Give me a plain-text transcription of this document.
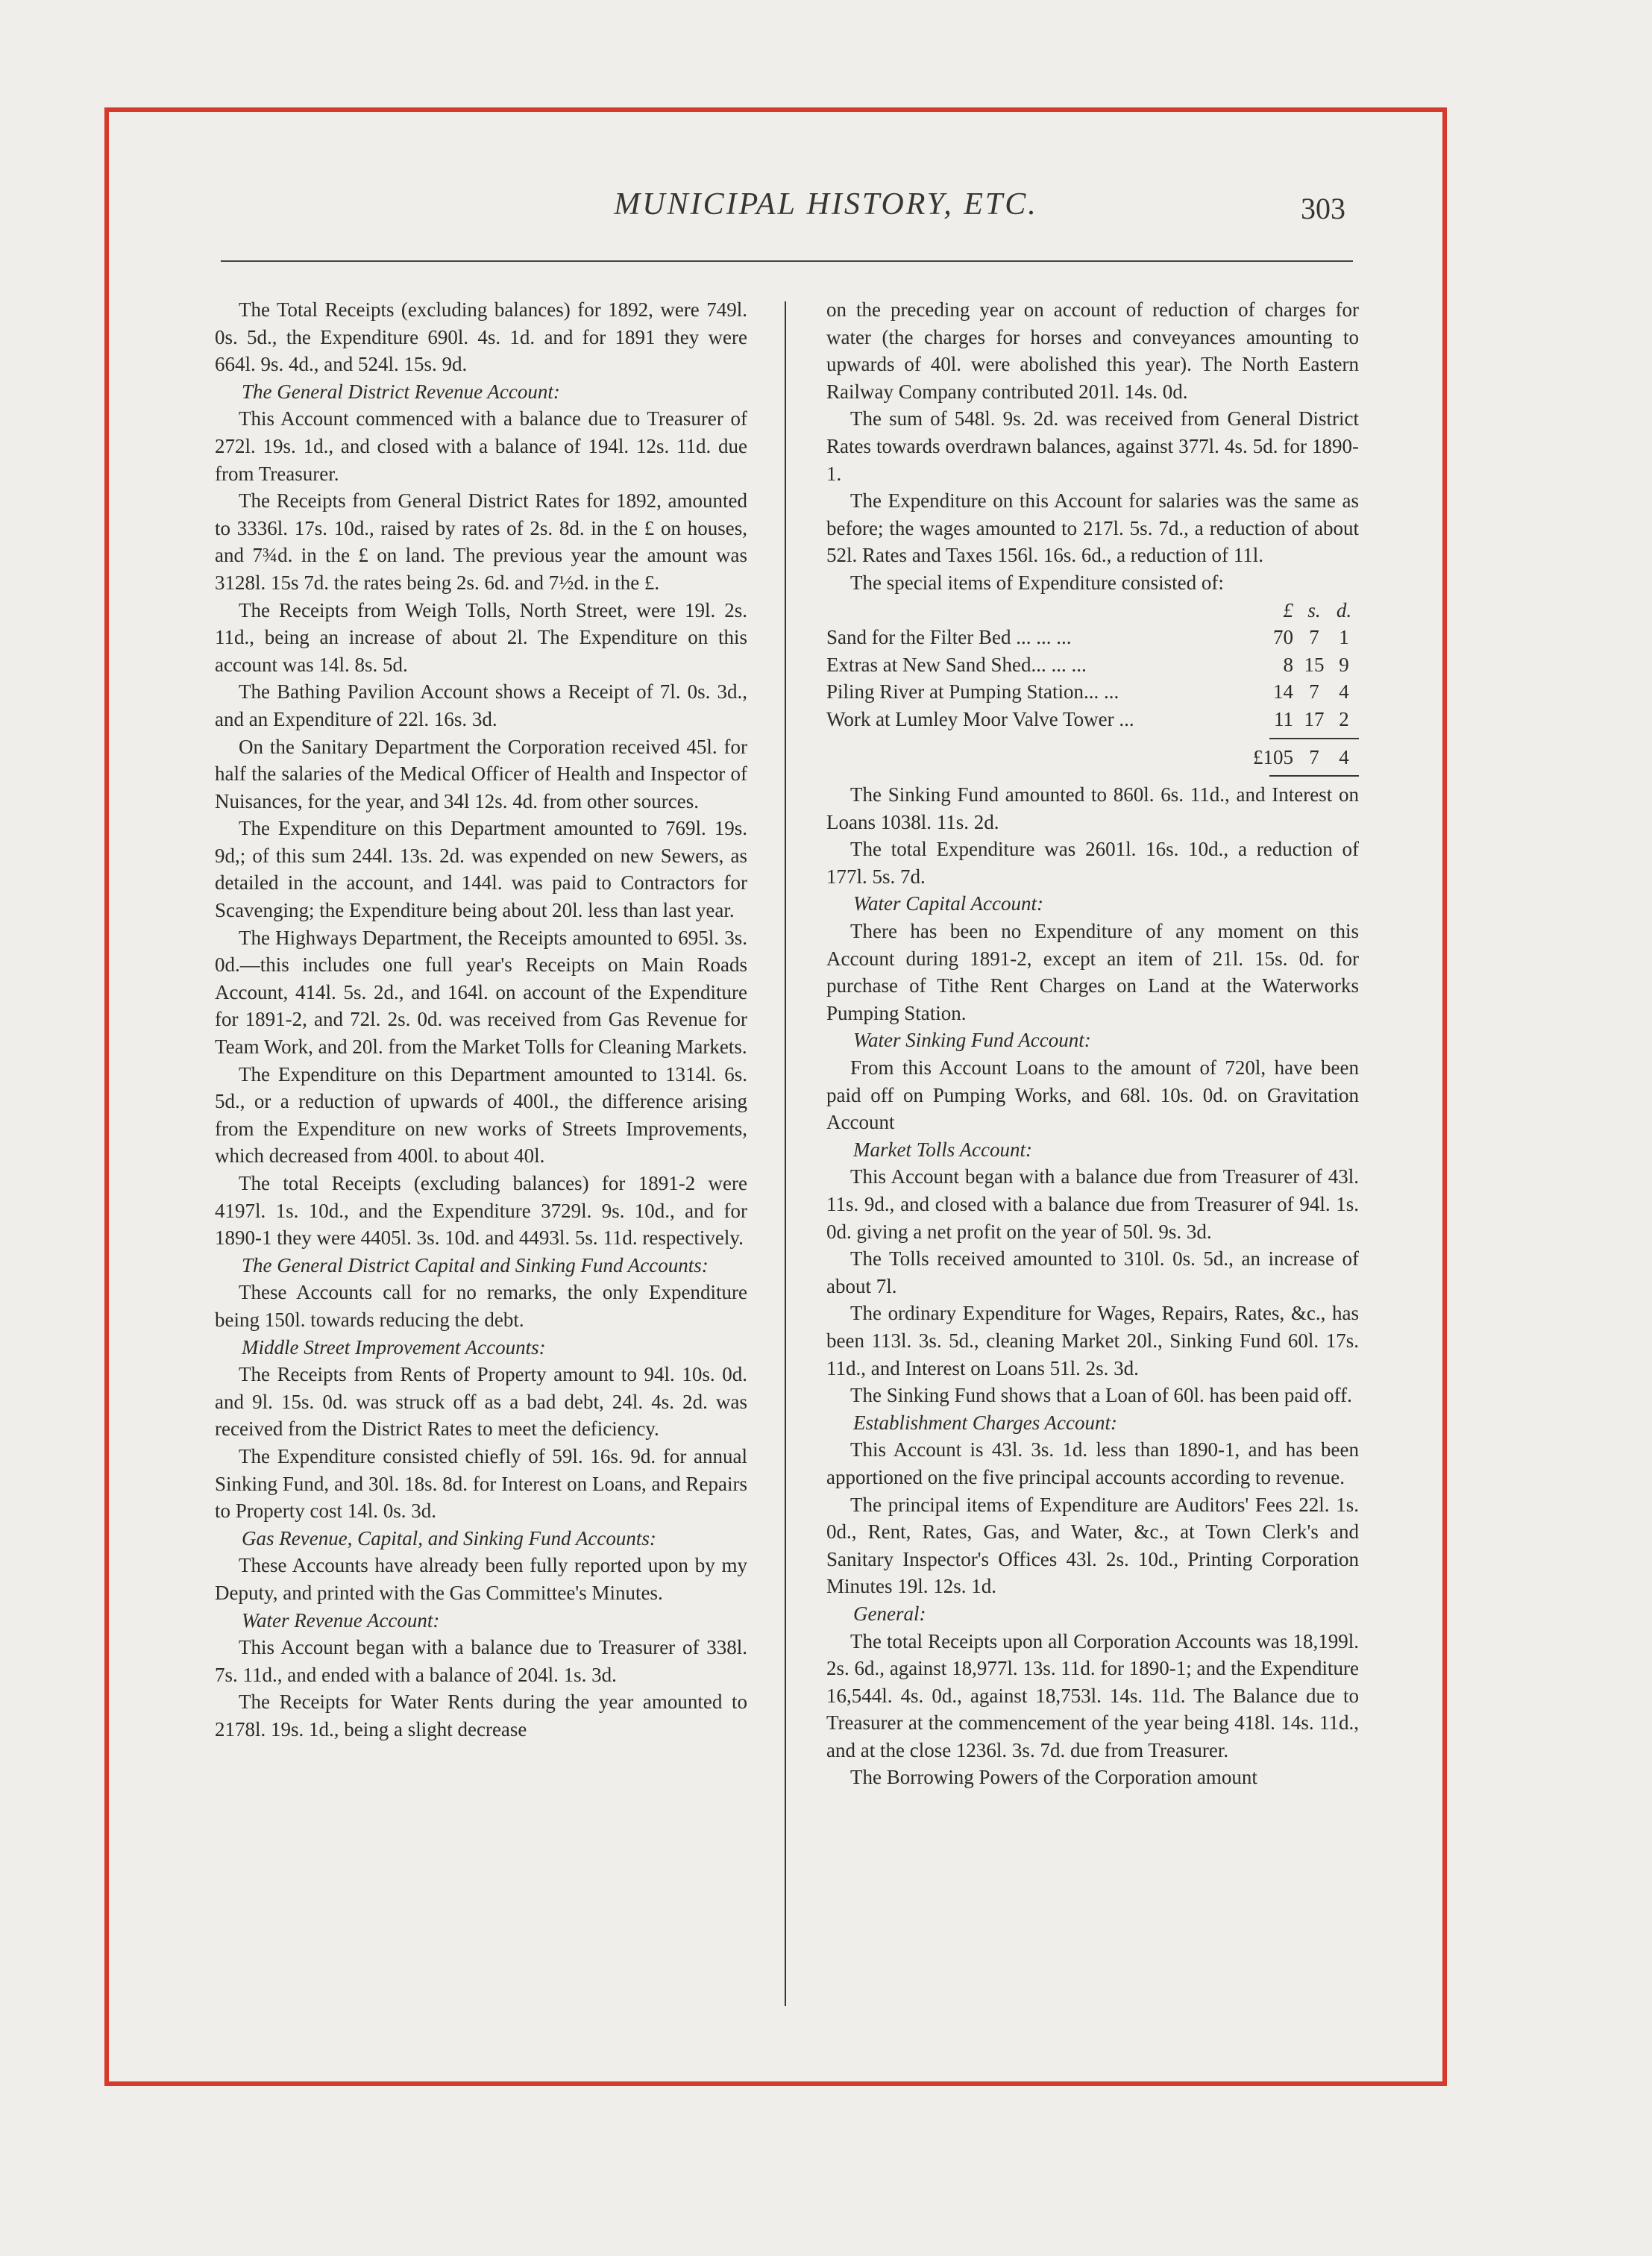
MUNICIPAL HISTORY, ETC.	303

The Total Receipts (excluding balances) for 1892, were 749l. 0s. 5d., the Expenditure 690l. 4s. 1d. and for 1891 they were 664l. 9s. 4d., and 524l. 15s. 9d.

The General District Revenue Account:

This Account commenced with a balance due to Treasurer of 272l. 19s. 1d., and closed with a balance of 194l. 12s. 11d. due from Treasurer.

The Receipts from General District Rates for 1892, amounted to 3336l. 17s. 10d., raised by rates of 2s. 8d. in the £ on houses, and 7¾d. in the £ on land. The previous year the amount was 3128l. 15s 7d. the rates being 2s. 6d. and 7½d. in the £.

The Receipts from Weigh Tolls, North Street, were 19l. 2s. 11d., being an increase of about 2l. The Expenditure on this account was 14l. 8s. 5d.

The Bathing Pavilion Account shows a Receipt of 7l. 0s. 3d., and an Expenditure of 22l. 16s. 3d.

On the Sanitary Department the Corporation received 45l. for half the salaries of the Medical Officer of Health and Inspector of Nuisances, for the year, and 34l 12s. 4d. from other sources.

The Expenditure on this Department amounted to 769l. 19s. 9d,; of this sum 244l. 13s. 2d. was expended on new Sewers, as detailed in the account, and 144l. was paid to Contractors for Scavenging; the Expenditure being about 20l. less than last year.

The Highways Department, the Receipts amounted to 695l. 3s. 0d.—this includes one full year's Receipts on Main Roads Account, 414l. 5s. 2d., and 164l. on account of the Expenditure for 1891-2, and 72l. 2s. 0d. was received from Gas Revenue for Team Work, and 20l. from the Market Tolls for Cleaning Markets.

The Expenditure on this Department amounted to 1314l. 6s. 5d., or a reduction of upwards of 400l., the difference arising from the Expenditure on new works of Streets Improvements, which decreased from 400l. to about 40l.

The total Receipts (excluding balances) for 1891-2 were 4197l. 1s. 10d., and the Expenditure 3729l. 9s. 10d., and for 1890-1 they were 4405l. 3s. 10d. and 4493l. 5s. 11d. respectively.

The General District Capital and Sinking Fund Accounts:

These Accounts call for no remarks, the only Expenditure being 150l. towards reducing the debt.

Middle Street Improvement Accounts:

The Receipts from Rents of Property amount to 94l. 10s. 0d. and 9l. 15s. 0d. was struck off as a bad debt, 24l. 4s. 2d. was received from the District Rates to meet the deficiency.

The Expenditure consisted chiefly of 59l. 16s. 9d. for annual Sinking Fund, and 30l. 18s. 8d. for Interest on Loans, and Repairs to Property cost 14l. 0s. 3d.

Gas Revenue, Capital, and Sinking Fund Accounts:

These Accounts have already been fully reported upon by my Deputy, and printed with the Gas Committee's Minutes.

Water Revenue Account:

This Account began with a balance due to Treasurer of 338l. 7s. 11d., and ended with a balance of 204l. 1s. 3d.

The Receipts for Water Rents during the year amounted to 2178l. 19s. 1d., being a slight decrease

on the preceding year on account of reduction of charges for water (the charges for horses and conveyances amounting to upwards of 40l. were abolished this year). The North Eastern Railway Company contributed 201l. 14s. 0d.

The sum of 548l. 9s. 2d. was received from General District Rates towards overdrawn balances, against 377l. 4s. 5d. for 1890-1.

The Expenditure on this Account for salaries was the same as before; the wages amounted to 217l. 5s. 7d., a reduction of about 52l. Rates and Taxes 156l. 16s. 6d., a reduction of 11l.

The special items of Expenditure consisted of:

£ s. d.
Sand for the Filter Bed ... ... ...	70 7 1
Extras at New Sand Shed... ... ...	8 15 9
Piling River at Pumping Station... ...	14 7 4
Work at Lumley Moor Valve Tower ...	11 17 2
£105 7 4

The Sinking Fund amounted to 860l. 6s. 11d., and Interest on Loans 1038l. 11s. 2d.

The total Expenditure was 2601l. 16s. 10d., a reduction of 177l. 5s. 7d.

Water Capital Account:

There has been no Expenditure of any moment on this Account during 1891-2, except an item of 21l. 15s. 0d. for purchase of Tithe Rent Charges on Land at the Waterworks Pumping Station.

Water Sinking Fund Account:

From this Account Loans to the amount of 720l, have been paid off on Pumping Works, and 68l. 10s. 0d. on Gravitation Account

Market Tolls Account:

This Account began with a balance due from Treasurer of 43l. 11s. 9d., and closed with a balance due from Treasurer of 94l. 1s. 0d. giving a net profit on the year of 50l. 9s. 3d.

The Tolls received amounted to 310l. 0s. 5d., an increase of about 7l.

The ordinary Expenditure for Wages, Repairs, Rates, &c., has been 113l. 3s. 5d., cleaning Market 20l., Sinking Fund 60l. 17s. 11d., and Interest on Loans 51l. 2s. 3d.

The Sinking Fund shows that a Loan of 60l. has been paid off.

Establishment Charges Account:

This Account is 43l. 3s. 1d. less than 1890-1, and has been apportioned on the five principal accounts according to revenue.

The principal items of Expenditure are Auditors' Fees 22l. 1s. 0d., Rent, Rates, Gas, and Water, &c., at Town Clerk's and Sanitary Inspector's Offices 43l. 2s. 10d., Printing Corporation Minutes 19l. 12s. 1d.

General:

The total Receipts upon all Corporation Accounts was 18,199l. 2s. 6d., against 18,977l. 13s. 11d. for 1890-1; and the Expenditure 16,544l. 4s. 0d., against 18,753l. 14s. 11d. The Balance due to Treasurer at the commencement of the year being 418l. 14s. 11d., and at the close 1236l. 3s. 7d. due from Treasurer.

The Borrowing Powers of the Corporation amount
